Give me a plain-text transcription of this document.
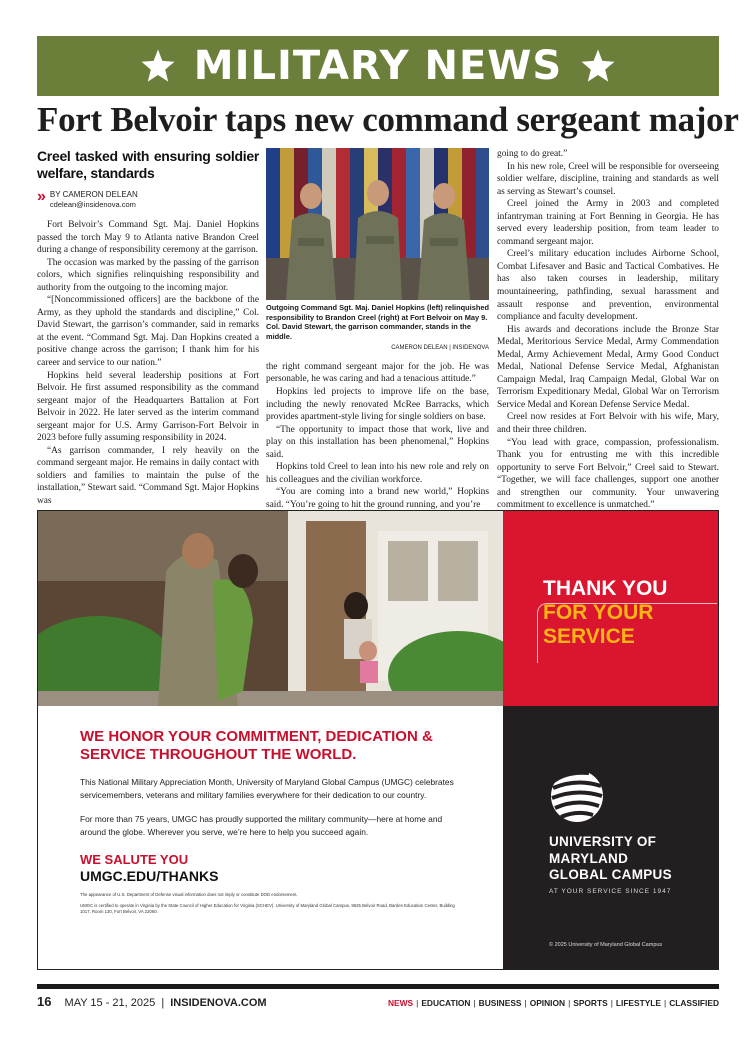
MILITARY NEWS
Fort Belvoir taps new command sergeant major
Creel tasked with ensuring soldier welfare, standards
» BY CAMERON DELEAN
cdelean@insidenova.com

Fort Belvoir’s Command Sgt. Maj. Daniel Hopkins passed the torch May 9 to Atlanta native Brandon Creel during a change of responsibility ceremony at the garrison.

The occasion was marked by the passing of the garrison colors, which signifies relinquishing responsibility and authority from the outgoing to the incoming major.

“[Noncommissioned officers] are the backbone of the Army, as they uphold the standards and discipline,” Col. David Stewart, the garrison’s commander, said in remarks at the event. “Command Sgt. Maj. Dan Hopkins created a positive change across the garrison; I thank him for his career and service to our nation.”

Hopkins held several leadership positions at Fort Belvoir. He first assumed responsibility as the command sergeant major of the Headquarters Battalion at Fort Belvoir in 2022. He later served as the interim command sergeant major for U.S. Army Garrison-Fort Belvoir in 2023 before fully assuming responsibility in 2024.

“As garrison commander, I rely heavily on the command sergeant major. He remains in daily contact with soldiers and families to maintain the pulse of the installation,” Stewart said. “Command Sgt. Major Hopkins was

Outgoing Command Sgt. Maj. Daniel Hopkins (left) relinquished responsibility to Brandon Creel (right) at Fort Belvoir on May 9. Col. David Stewart, the garrison commander, stands in the middle.
CAMERON DELEAN | INSIDENOVA

the right command sergeant major for the job. He was personable, he was caring and had a tenacious attitude.”

Hopkins led projects to improve life on the base, including the newly renovated McRee Barracks, which provides apartment-style living for single soldiers on base.

“The opportunity to impact those that work, live and play on this installation has been phenomenal,” Hopkins said.

Hopkins told Creel to lean into his new role and rely on his colleagues and the civilian workforce.

“You are coming into a brand new world,” Hopkins said. “You’re going to hit the ground running, and you’re

going to do great.”

In his new role, Creel will be responsible for overseeing soldier welfare, discipline, training and standards as well as serving as Stewart’s counsel.

Creel joined the Army in 2003 and completed infantryman training at Fort Benning in Georgia. He has served every leadership position, from team leader to command sergeant major.

Creel’s military education includes Airborne School, Combat Lifesaver and Basic and Tactical Combatives. He has also taken courses in leadership, military mountaineering, pathfinding, sexual harassment and assault response and prevention, environmental compliance and faculty development.

His awards and decorations include the Bronze Star Medal, Meritorious Service Medal, Army Commendation Medal, Army Achievement Medal, Army Good Conduct Medal, National Defense Service Medal, Afghanistan Campaign Medal, Iraq Campaign Medal, Global War on Terrorism Expeditionary Medal, Global War on Terrorism Service Medal and Korean Defense Service Medal.

Creel now resides at Fort Belvoir with his wife, Mary, and their three children.

“You lead with grace, compassion, professionalism. Thank you for entrusting me with this incredible opportunity to serve Fort Belvoir,” Creel said to Stewart. “Together, we will face challenges, support one another and strengthen our community. Your unwavering commitment to excellence is unmatched.”

THANK YOU
FOR YOUR
SERVICE
WE HONOR YOUR COMMITMENT, DEDICATION & SERVICE THROUGHOUT THE WORLD.
This National Military Appreciation Month, University of Maryland Global Campus (UMGC) celebrates servicemembers, veterans and military families everywhere for their dedication to our country.
For more than 75 years, UMGC has proudly supported the military community—here at home and around the globe. Wherever you serve, we’re here to help you succeed again.
WE SALUTE YOU
UMGC.EDU/THANKS
The appearance of U.S. Department of Defense visual information does not imply or constitute DOD endorsement.
UMGC is certified to operate in Virginia by the State Council of Higher Education for Virginia (SCHEV). University of Maryland Global Campus, 9625 Belvoir Road, Barden Education Center, Building 1017, Room 130, Fort Belvoir, VA 22060.
UNIVERSITY OF
MARYLAND
GLOBAL CAMPUS
AT YOUR SERVICE SINCE 1947
© 2025 University of Maryland Global Campus
16 MAY 15 - 21, 2025 | INSIDENOVA.COM	NEWS | EDUCATION | BUSINESS | OPINION | SPORTS | LIFESTYLE | CLASSIFIED
